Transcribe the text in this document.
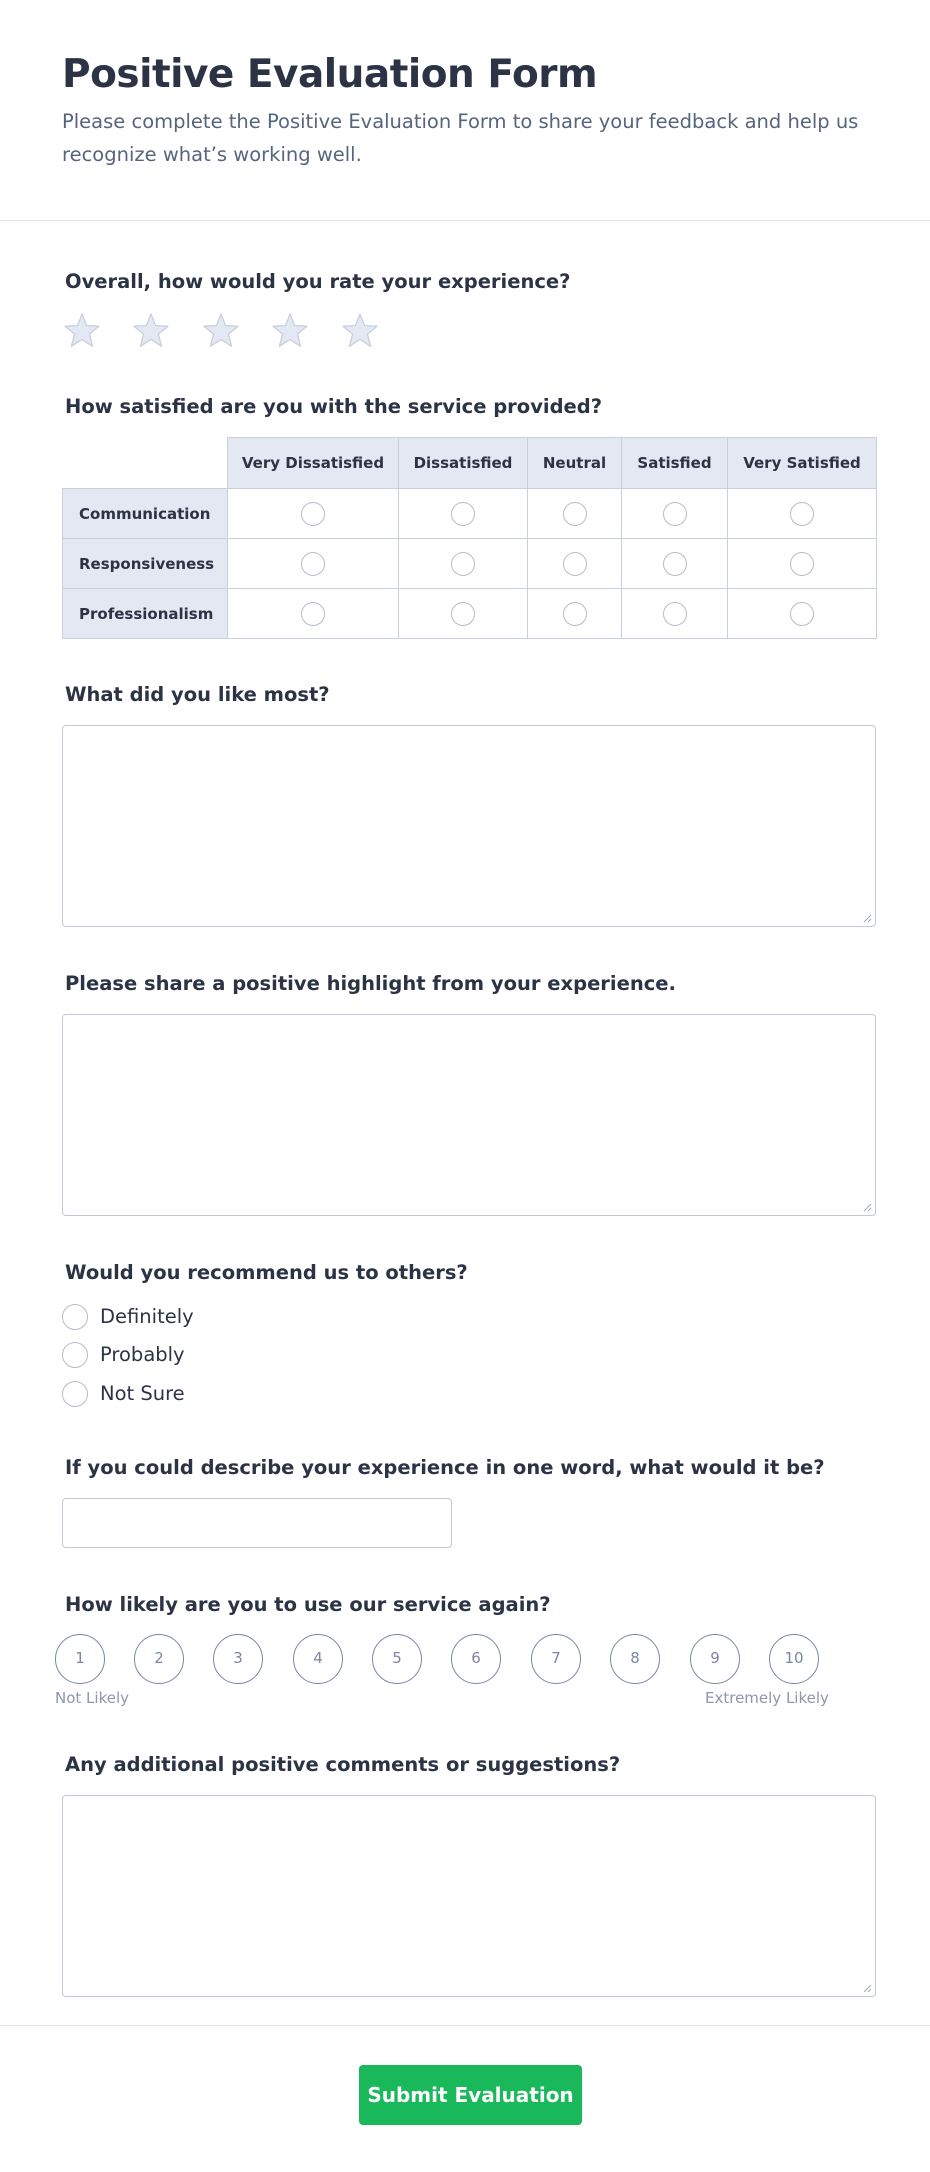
Positive Evaluation Form
Please complete the Positive Evaluation Form to share your feedback and help us recognize what’s working well.
Overall, how would you rate your experience?
How satisfied are you with the service provided?
	Very Dissatisfied	Dissatisfied	Neutral	Satisfied	Very Satisfied
Communication					
Responsiveness					
Professionalism					
What did you like most?
Please share a positive highlight from your experience.
Would you recommend us to others?
Definitely
Probably
Not Sure
If you could describe your experience in one word, what would it be?
How likely are you to use our service again?
1	2	3	4	5	6	7	8	9	10
Not Likely	Extremely Likely
Any additional positive comments or suggestions?
Submit Evaluation
